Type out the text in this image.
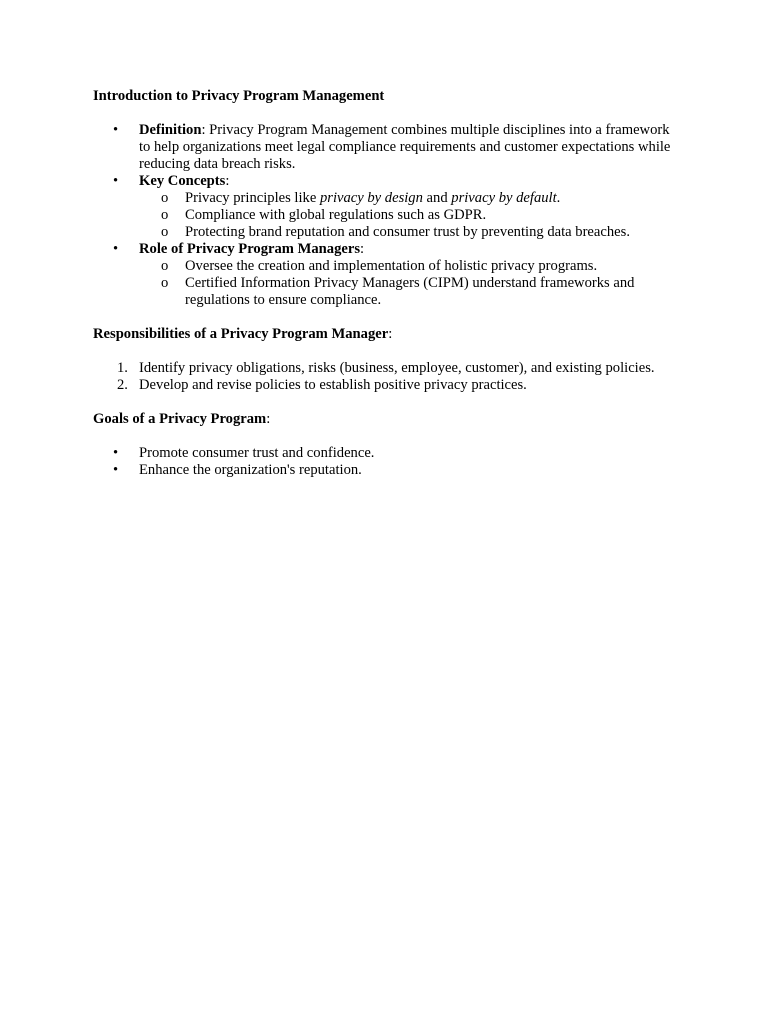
Introduction to Privacy Program Management

•	Definition: Privacy Program Management combines multiple disciplines into a framework to help organizations meet legal compliance requirements and customer expectations while reducing data breach risks.
•	Key Concepts:
o	Privacy principles like privacy by design and privacy by default.
o	Compliance with global regulations such as GDPR.
o	Protecting brand reputation and consumer trust by preventing data breaches.
•	Role of Privacy Program Managers:
o	Oversee the creation and implementation of holistic privacy programs.
o	Certified Information Privacy Managers (CIPM) understand frameworks and regulations to ensure compliance.

Responsibilities of a Privacy Program Manager:

1. Identify privacy obligations, risks (business, employee, customer), and existing policies.
2. Develop and revise policies to establish positive privacy practices.

Goals of a Privacy Program:

•	Promote consumer trust and confidence.
•	Enhance the organization's reputation.
